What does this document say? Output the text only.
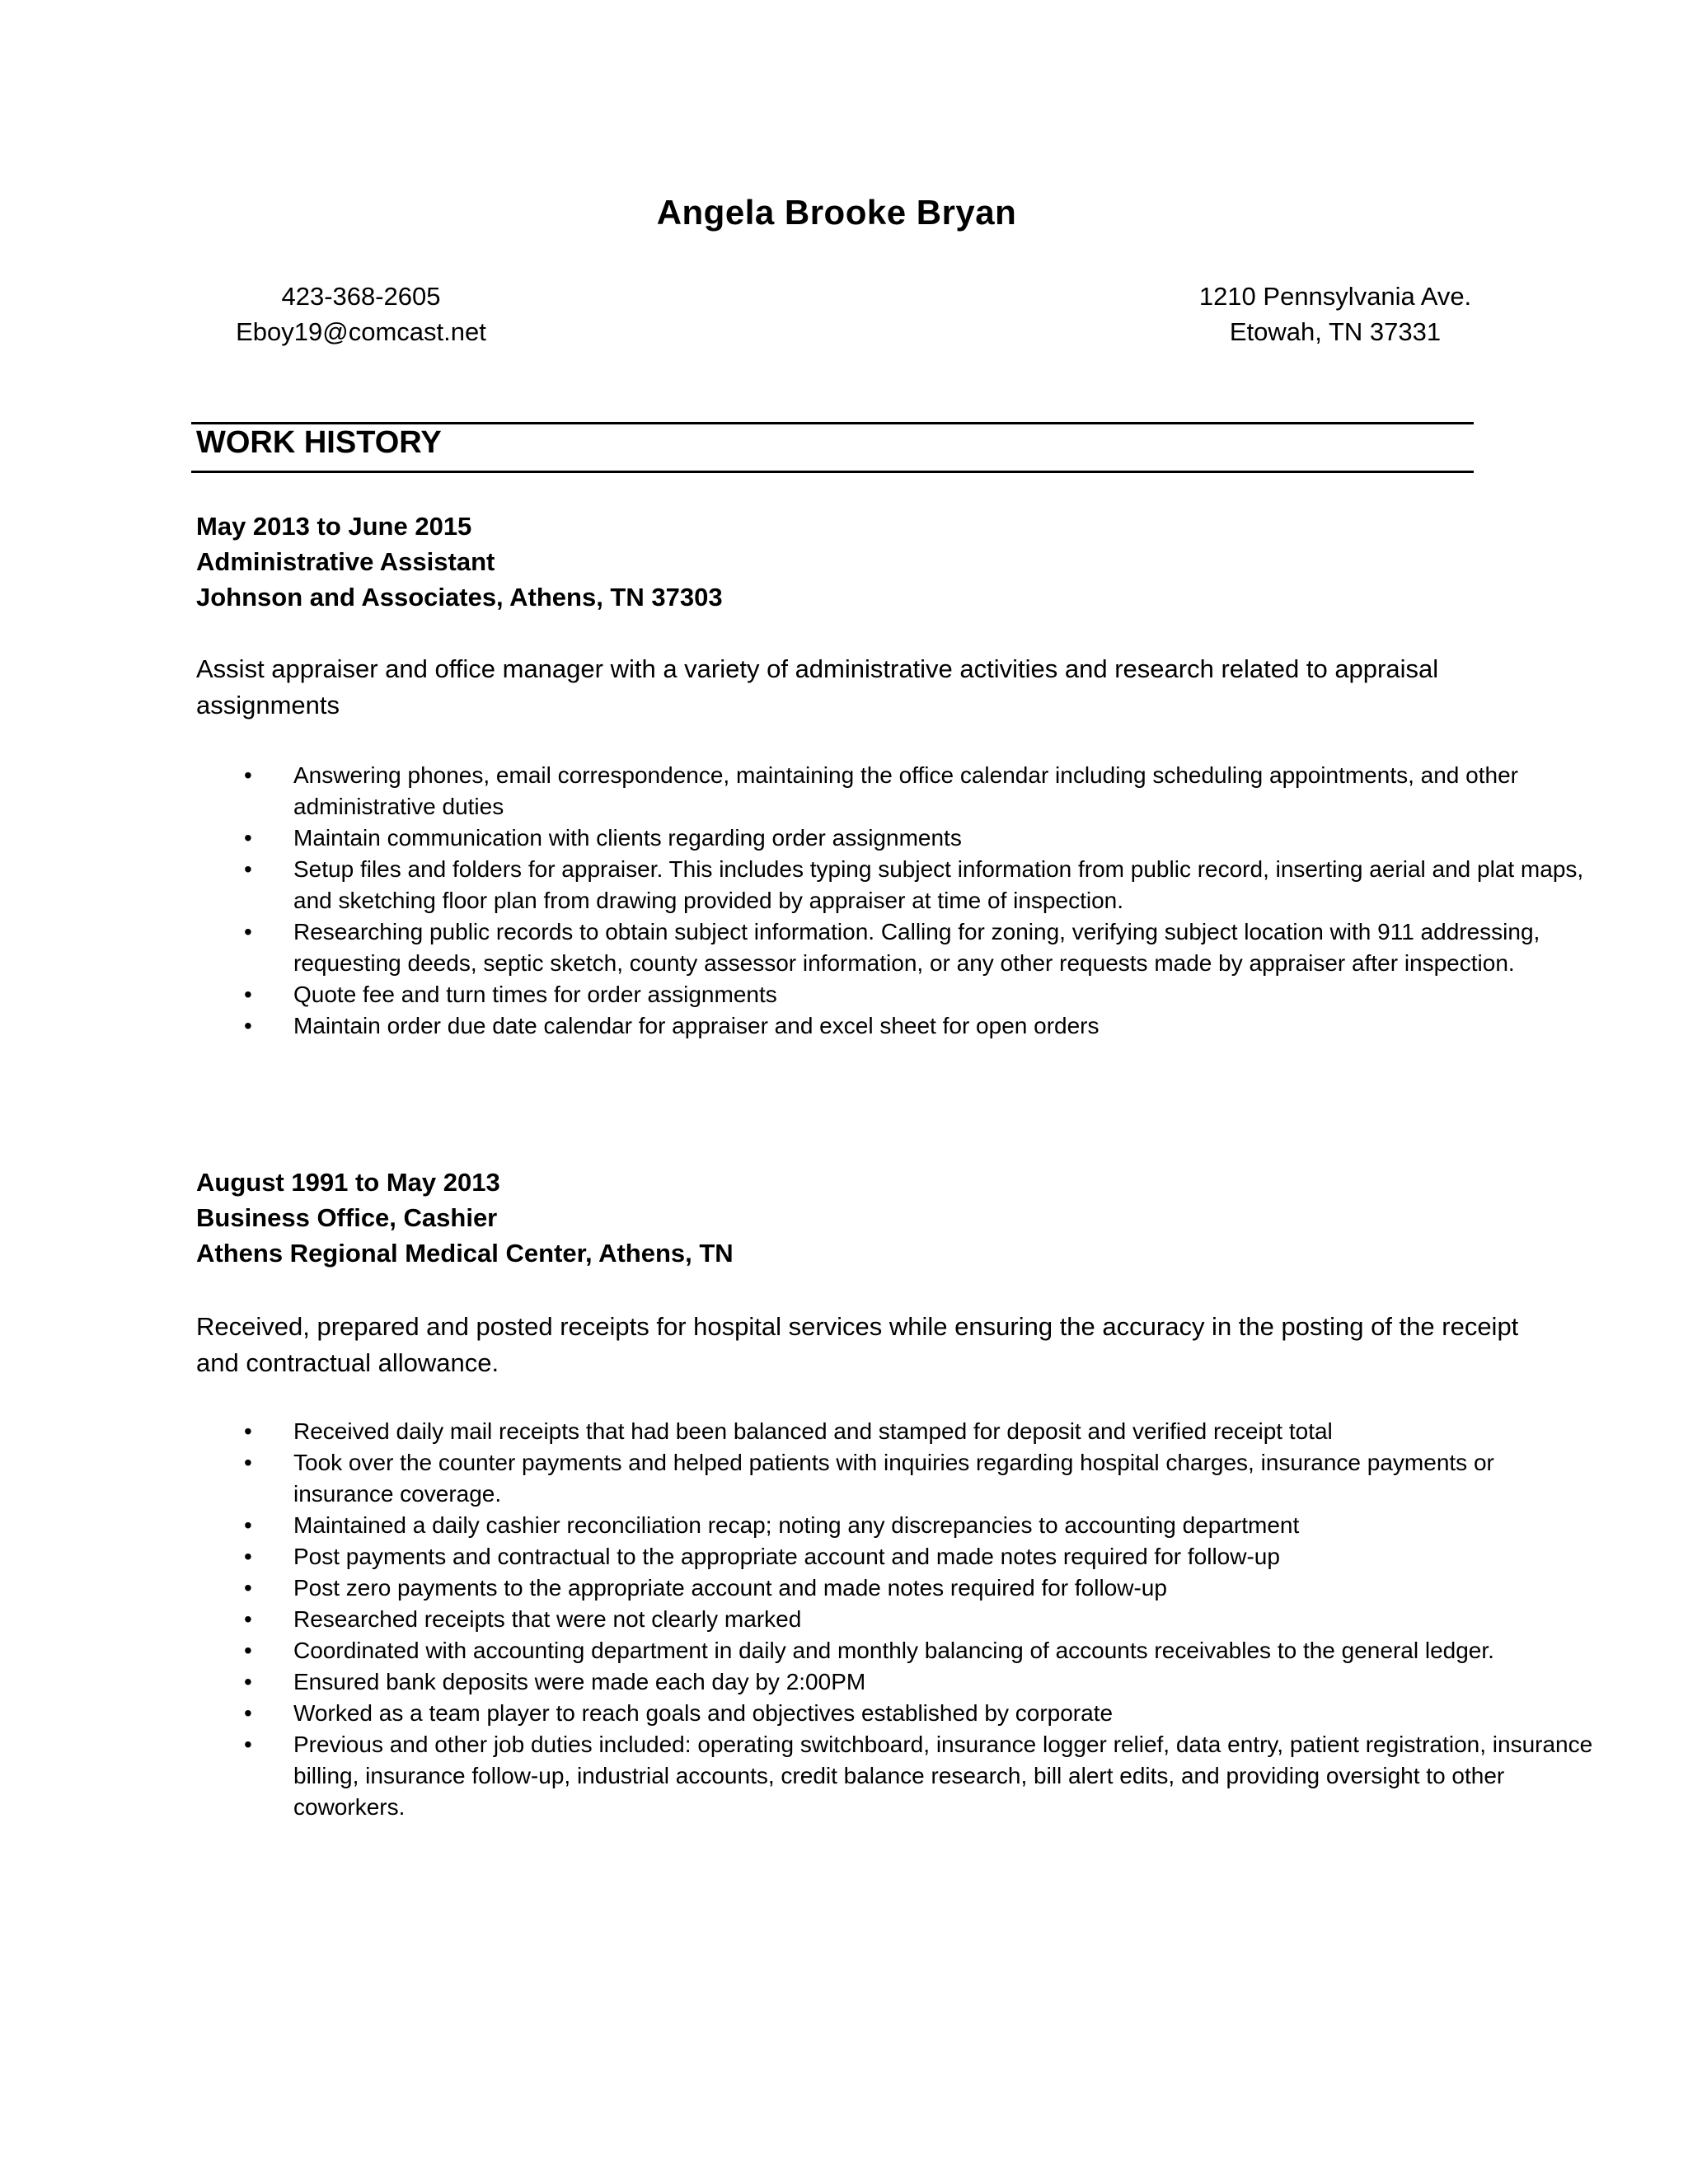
Angela Brooke Bryan
423-368-2605
Eboy19@comcast.net
1210 Pennsylvania Ave.
Etowah, TN 37331
WORK HISTORY
May 2013 to June 2015
Administrative Assistant
Johnson and Associates, Athens, TN 37303
Assist appraiser and office manager with a variety of administrative activities and research related to appraisal assignments
• Answering phones, email correspondence, maintaining the office calendar including scheduling appointments, and other administrative duties
• Maintain communication with clients regarding order assignments
• Setup files and folders for appraiser. This includes typing subject information from public record, inserting aerial and plat maps, and sketching floor plan from drawing provided by appraiser at time of inspection.
• Researching public records to obtain subject information. Calling for zoning, verifying subject location with 911 addressing, requesting deeds, septic sketch, county assessor information, or any other requests made by appraiser after inspection.
• Quote fee and turn times for order assignments
• Maintain order due date calendar for appraiser and excel sheet for open orders
August 1991 to May 2013
Business Office, Cashier
Athens Regional Medical Center, Athens, TN
Received, prepared and posted receipts for hospital services while ensuring the accuracy in the posting of the receipt and contractual allowance.
• Received daily mail receipts that had been balanced and stamped for deposit and verified receipt total
• Took over the counter payments and helped patients with inquiries regarding hospital charges, insurance payments or insurance coverage.
• Maintained a daily cashier reconciliation recap; noting any discrepancies to accounting department
• Post payments and contractual to the appropriate account and made notes required for follow-up
• Post zero payments to the appropriate account and made notes required for follow-up
• Researched receipts that were not clearly marked
• Coordinated with accounting department in daily and monthly balancing of accounts receivables to the general ledger.
• Ensured bank deposits were made each day by 2:00PM
• Worked as a team player to reach goals and objectives established by corporate
• Previous and other job duties included: operating switchboard, insurance logger relief, data entry, patient registration, insurance billing, insurance follow-up, industrial accounts, credit balance research, bill alert edits, and providing oversight to other coworkers.
